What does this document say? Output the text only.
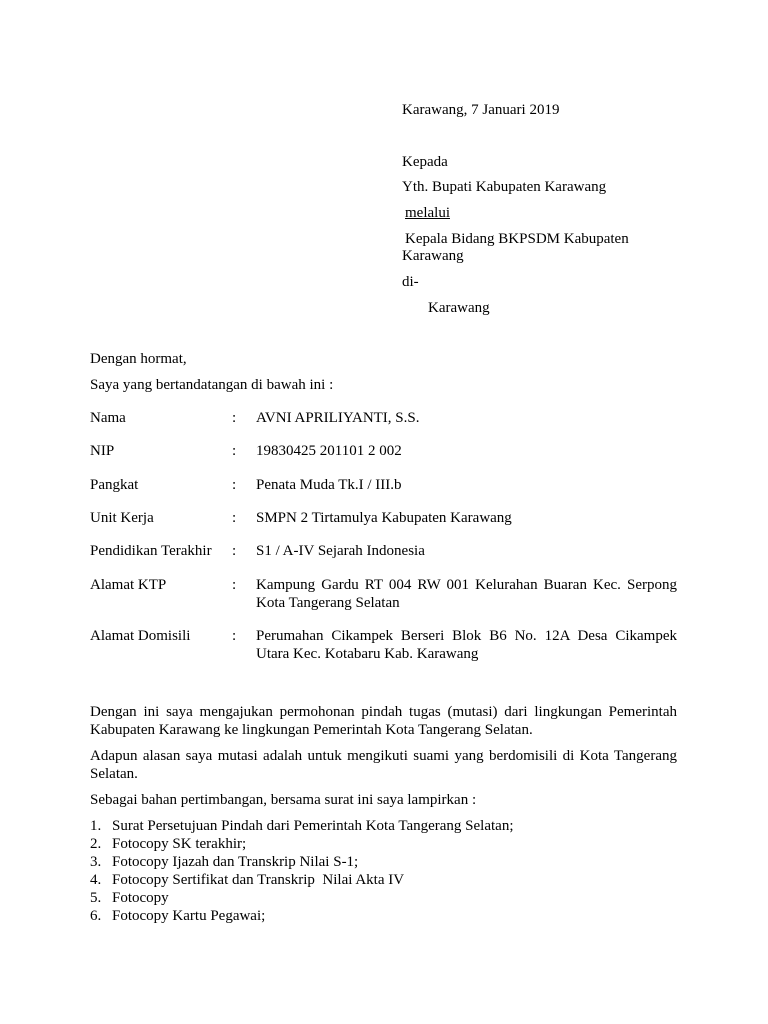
Karawang, 7 Januari 2019
Kepada
Yth. Bupati Kabupaten Karawang
melalui
Kepala Bidang BKPSDM Kabupaten
Karawang
di-
Karawang
Dengan hormat,
Saya yang bertandatangan di bawah ini :
Nama	: AVNI APRILIYANTI, S.S.
NIP	: 19830425 201101 2 002
Pangkat	: Penata Muda Tk.I / III.b
Unit Kerja	: SMPN 2 Tirtamulya Kabupaten Karawang
Pendidikan Terakhir : S1 / A-IV Sejarah Indonesia
Alamat KTP	: Kampung Gardu RT 004 RW 001 Kelurahan Buaran Kec. Serpong Kota Tangerang Selatan
Alamat Domisili	: Perumahan Cikampek Berseri Blok B6 No. 12A Desa Cikampek Utara Kec. Kotabaru Kab. Karawang
Dengan ini saya mengajukan permohonan pindah tugas (mutasi) dari lingkungan Pemerintah Kabupaten Karawang ke lingkungan Pemerintah Kota Tangerang Selatan.
Adapun alasan saya mutasi adalah untuk mengikuti suami yang berdomisili di Kota Tangerang Selatan.
Sebagai bahan pertimbangan, bersama surat ini saya lampirkan :
1. Surat Persetujuan Pindah dari Pemerintah Kota Tangerang Selatan;
2. Fotocopy SK terakhir;
3. Fotocopy Ijazah dan Transkrip Nilai S-1;
4. Fotocopy Sertifikat dan Transkrip  Nilai Akta IV
5. Fotocopy
6. Fotocopy Kartu Pegawai;
